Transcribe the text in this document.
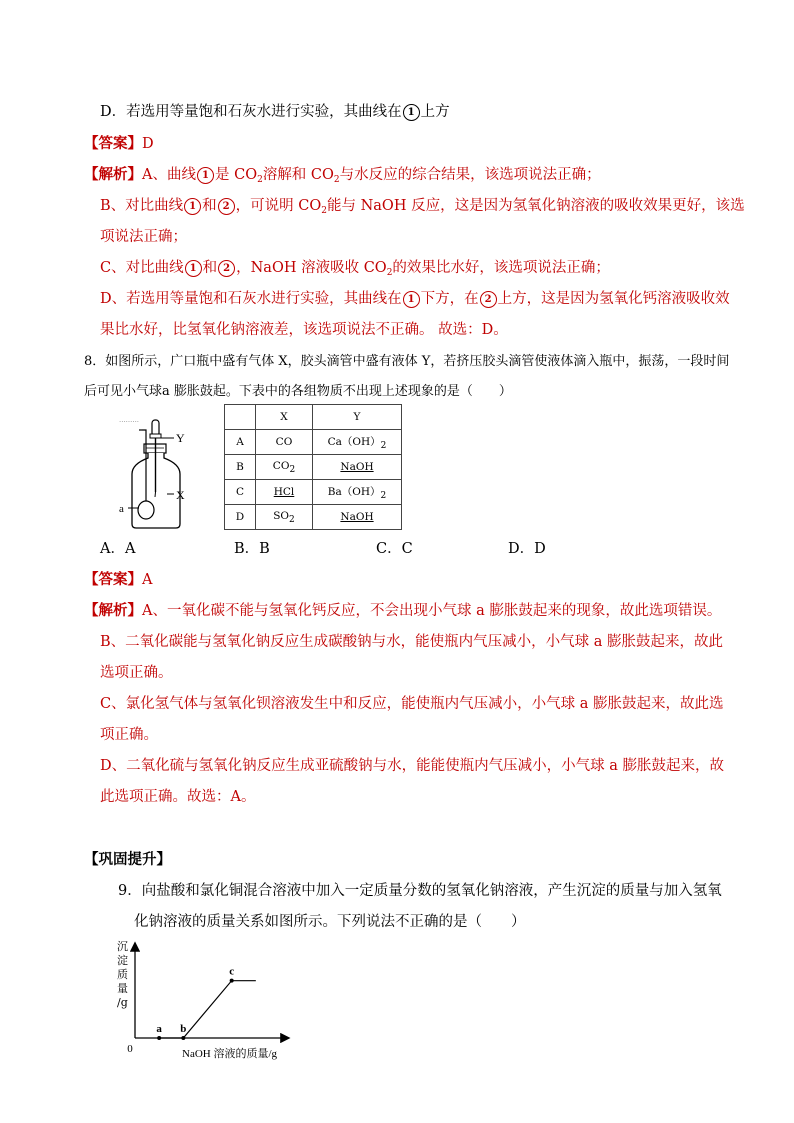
D．若选用等量饱和石灰水进行实验，其曲线在 1 上方
【答案】D
【解析】A、曲线 1 是 $CO_2$溶解和 $CO_2$与水反应的综合结果，该选项说法正确；
B、对比曲线 1 和 2 ，可说明 $CO_2$能与 NaOH 反应，这是因为氢氧化钠溶液的吸收效果更好，该选
项说法正确；
C、对比曲线 1 和 2 ，NaOH 溶液吸收 $CO_2$的效果比水好，该选项说法正确；
D、若选用等量饱和石灰水进行实验，其曲线在 1 下方，在 2 上方，这是因为氢氧化钙溶液吸收效
果比水好，比氢氧化钠溶液差，该选项说法不正确。 故选：D。
8．如图所示，广口瓶中盛有气体 X，胶头滴管中盛有液体 Y，若挤压胶头滴管使液体滴入瓶中，振荡，一段时间
后可见小气球a 膨胀鼓起。下表中的各组物质不出现上述现象的是（　　）
·········
Y
X
a
	X	Y
A	CO	Ca（OH）2
B	CO2	NaOH
C	HCl	Ba（OH）2
D	SO2	NaOH
A．A	B．B	C．C	D．D
【答案】A
【解析】A、一氧化碳不能与氢氧化钙反应，不会出现小气球 a 膨胀鼓起来的现象，故此选项错误。
B、二氧化碳能与氢氧化钠反应生成碳酸钠与水，能使瓶内气压减小，小气球 a 膨胀鼓起来，故此
选项正确。
C、氯化氢气体与氢氧化钡溶液发生中和反应，能使瓶内气压减小，小气球 a 膨胀鼓起来，故此选
项正确。
D、二氧化硫与氢氧化钠反应生成亚硫酸钠与水，能能使瓶内气压减小，小气球 a 膨胀鼓起来，故
此选项正确。故选：A。
【巩固提升】
9．向盐酸和氯化铜混合溶液中加入一定质量分数的氢氧化钠溶液，产生沉淀的质量与加入氢氧
化钠溶液的质量关系如图所示。下列说法不正确的是（　　）
沉
淀
质
量
/g
0	NaOH 溶液的质量/g
a b
c
